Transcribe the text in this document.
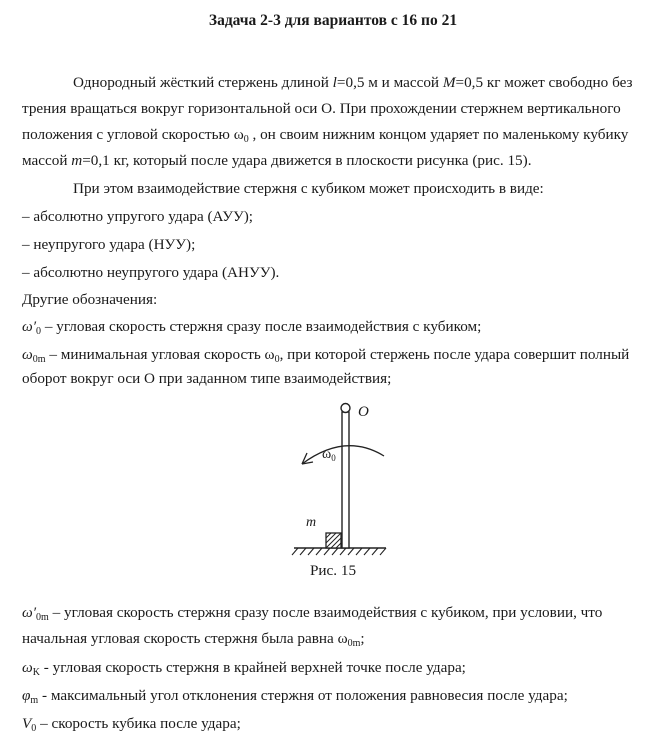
Задача 2-3 для вариантов с 16 по 21
Однородный жёсткий стержень длиной l=0,5 м и массой M=0,5 кг может свободно без
трения вращаться вокруг горизонтальной оси О. При прохождении стержнем вертикального
положения с угловой скоростью $\omega_0$ , он своим нижним концом ударяет по маленькому кубику
массой m=0,1 кг, который после удара движется в плоскости рисунка (рис. 15).
При этом взаимодействие стержня с кубиком может происходить в виде:
– абсолютно упругого удара (АУУ);
– неупругого удара (НУУ);
– абсолютно неупругого удара (АНУУ).
Другие обозначения:
$\omega'_0$ – угловая скорость стержня сразу после взаимодействия с кубиком;
$\omega_{0m}$ – минимальная угловая скорость $\omega_0$, при которой стержень после удара совершит полный
оборот вокруг оси О при заданном типе взаимодействия;
O
$\omega_0$
m
Рис. 15
$\omega'_{0m}$ – угловая скорость стержня сразу после взаимодействия с кубиком, при условии, что
начальная угловая скорость стержня была равна $\omega_{0m}$;
$\omega_K$ - угловая скорость стержня в крайней верхней точке после удара;
$\varphi_m$ - максимальный угол отклонения стержня от положения равновесия после удара;
$V_0$ – скорость кубика после удара;
